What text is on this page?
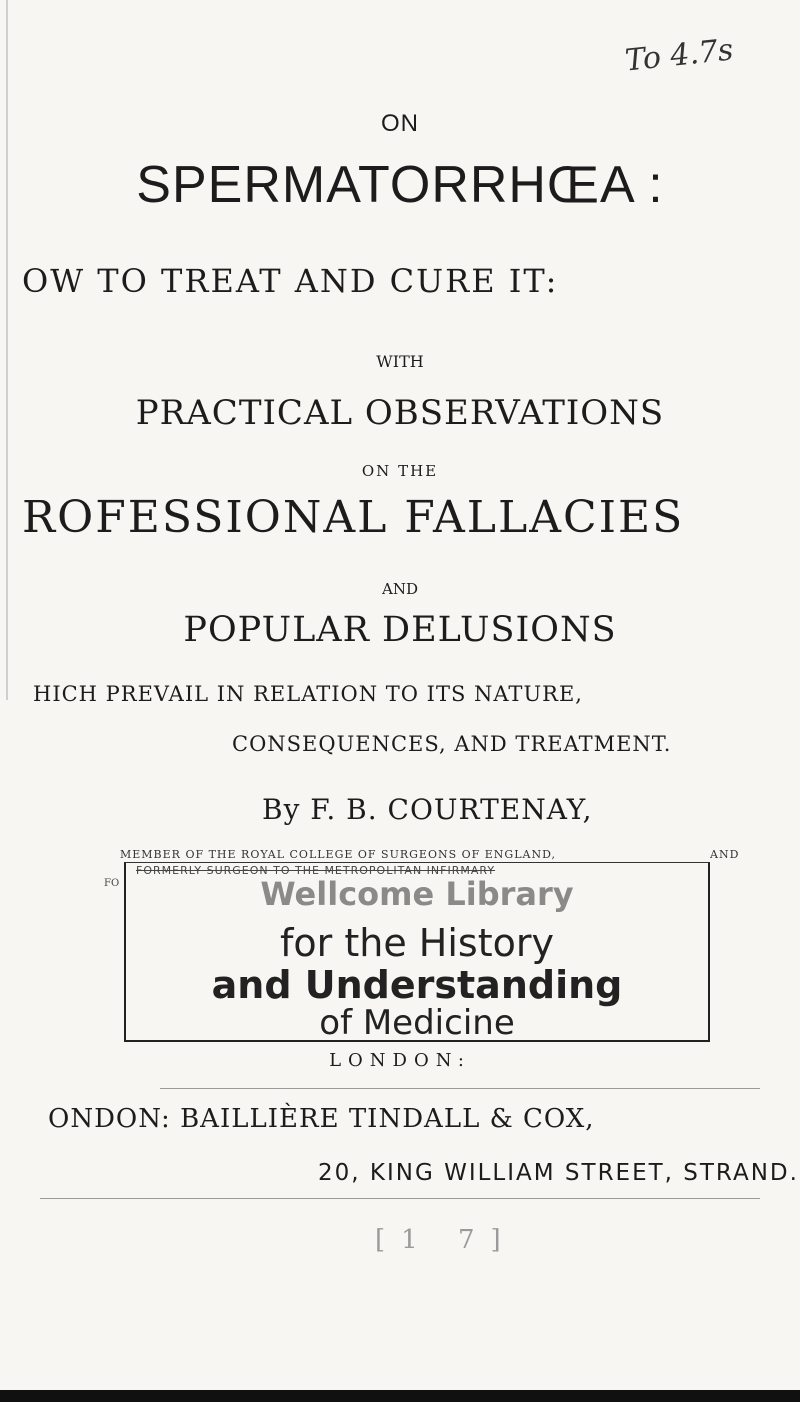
To 4.7s
ON
SPERMATORRHŒA :
OW TO TREAT AND CURE IT:
WITH
PRACTICAL OBSERVATIONS
ON THE
ROFESSIONAL FALLACIES
AND
POPULAR DELUSIONS
HICH PREVAIL IN RELATION TO ITS NATURE,
CONSEQUENCES, AND TREATMENT.
By F. B. COURTENAY,
MEMBER OF THE ROYAL COLLEGE OF SURGEONS OF ENGLAND,	AND
FO
FORMERLY SURGEON TO THE METROPOLITAN INFIRMARY
Wellcome Library
for the History
and Understanding
of Medicine
LONDON:
ONDON: BAILLIÈRE TINDALL & COX,
20, KING WILLIAM STREET, STRAND.
[1 7]
